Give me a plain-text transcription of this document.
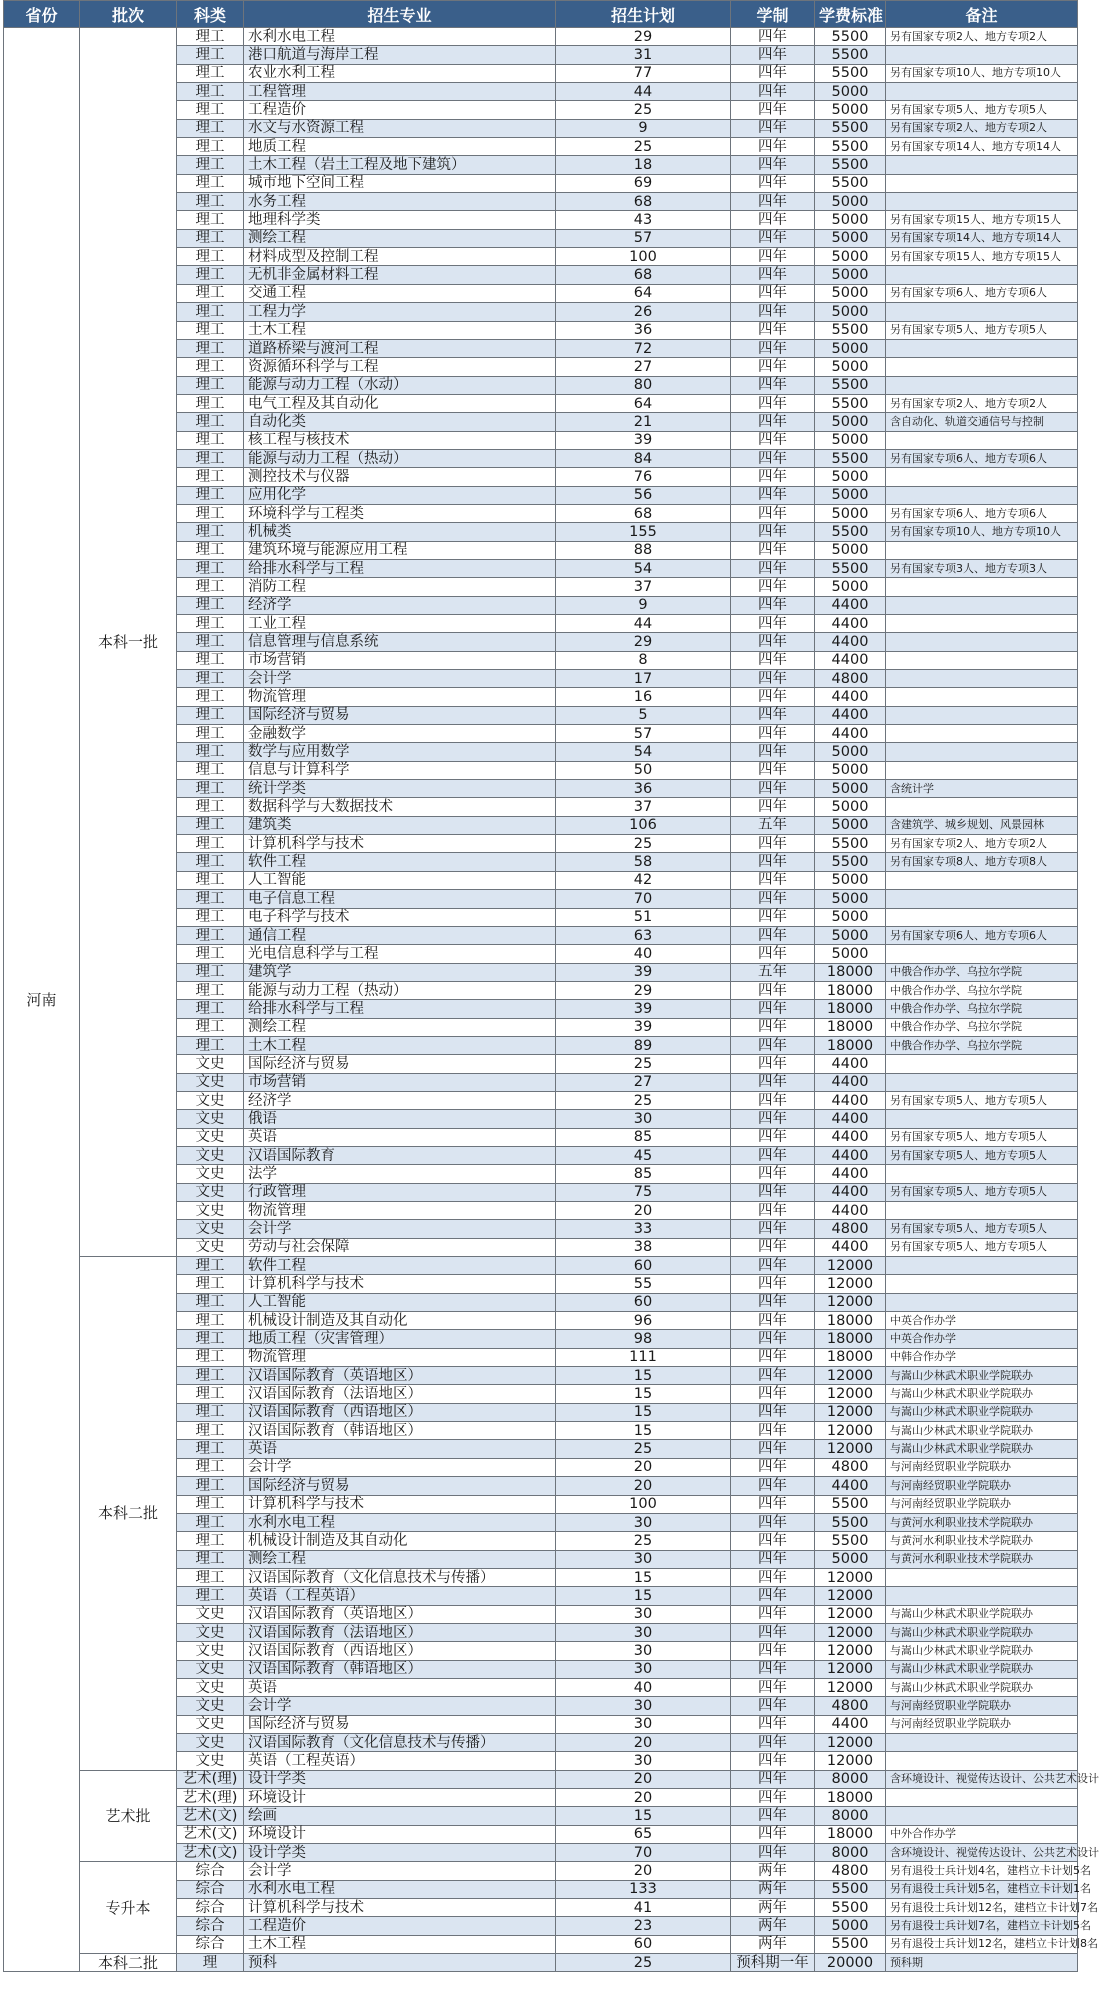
省份	批次	科类	招生专业	招生计划	学制	学费标准	备注
河南	本科一批	理工	水利水电工程	29	四年	5500	另有国家专项2人、地方专项2人
		理工	港口航道与海岸工程	31	四年	5500	
		理工	农业水利工程	77	四年	5500	另有国家专项10人、地方专项10人
		理工	工程管理	44	四年	5000	
		理工	工程造价	25	四年	5000	另有国家专项5人、地方专项5人
		理工	水文与水资源工程	9	四年	5500	另有国家专项2人、地方专项2人
		理工	地质工程	25	四年	5500	另有国家专项14人、地方专项14人
		理工	土木工程（岩土工程及地下建筑）	18	四年	5500	
		理工	城市地下空间工程	69	四年	5500	
		理工	水务工程	68	四年	5000	
		理工	地理科学类	43	四年	5000	另有国家专项15人、地方专项15人
		理工	测绘工程	57	四年	5000	另有国家专项14人、地方专项14人
		理工	材料成型及控制工程	100	四年	5000	另有国家专项15人、地方专项15人
		理工	无机非金属材料工程	68	四年	5000	
		理工	交通工程	64	四年	5000	另有国家专项6人、地方专项6人
		理工	工程力学	26	四年	5000	
		理工	土木工程	36	四年	5500	另有国家专项5人、地方专项5人
		理工	道路桥梁与渡河工程	72	四年	5000	
		理工	资源循环科学与工程	27	四年	5000	
		理工	能源与动力工程（水动）	80	四年	5500	
		理工	电气工程及其自动化	64	四年	5500	另有国家专项2人、地方专项2人
		理工	自动化类	21	四年	5000	含自动化、轨道交通信号与控制
		理工	核工程与核技术	39	四年	5000	
		理工	能源与动力工程（热动）	84	四年	5500	另有国家专项6人、地方专项6人
		理工	测控技术与仪器	76	四年	5000	
		理工	应用化学	56	四年	5000	
		理工	环境科学与工程类	68	四年	5000	另有国家专项6人、地方专项6人
		理工	机械类	155	四年	5500	另有国家专项10人、地方专项10人
		理工	建筑环境与能源应用工程	88	四年	5000	
		理工	给排水科学与工程	54	四年	5500	另有国家专项3人、地方专项3人
		理工	消防工程	37	四年	5000	
		理工	经济学	9	四年	4400	
		理工	工业工程	44	四年	4400	
		理工	信息管理与信息系统	29	四年	4400	
		理工	市场营销	8	四年	4400	
		理工	会计学	17	四年	4800	
		理工	物流管理	16	四年	4400	
		理工	国际经济与贸易	5	四年	4400	
		理工	金融数学	57	四年	4400	
		理工	数学与应用数学	54	四年	5000	
		理工	信息与计算科学	50	四年	5000	
		理工	统计学类	36	四年	5000	含统计学
		理工	数据科学与大数据技术	37	四年	5000	
		理工	建筑类	106	五年	5000	含建筑学、城乡规划、风景园林
		理工	计算机科学与技术	25	四年	5500	另有国家专项2人、地方专项2人
		理工	软件工程	58	四年	5500	另有国家专项8人、地方专项8人
		理工	人工智能	42	四年	5000	
		理工	电子信息工程	70	四年	5000	
		理工	电子科学与技术	51	四年	5000	
		理工	通信工程	63	四年	5000	另有国家专项6人、地方专项6人
		理工	光电信息科学与工程	40	四年	5000	
		理工	建筑学	39	五年	18000	中俄合作办学、乌拉尔学院
		理工	能源与动力工程（热动）	29	四年	18000	中俄合作办学、乌拉尔学院
		理工	给排水科学与工程	39	四年	18000	中俄合作办学、乌拉尔学院
		理工	测绘工程	39	四年	18000	中俄合作办学、乌拉尔学院
		理工	土木工程	89	四年	18000	中俄合作办学、乌拉尔学院
		文史	国际经济与贸易	25	四年	4400	
		文史	市场营销	27	四年	4400	
		文史	经济学	25	四年	4400	另有国家专项5人、地方专项5人
		文史	俄语	30	四年	4400	
		文史	英语	85	四年	4400	另有国家专项5人、地方专项5人
		文史	汉语国际教育	45	四年	4400	另有国家专项5人、地方专项5人
		文史	法学	85	四年	4400	
		文史	行政管理	75	四年	4400	另有国家专项5人、地方专项5人
		文史	物流管理	20	四年	4400	
		文史	会计学	33	四年	4800	另有国家专项5人、地方专项5人
		文史	劳动与社会保障	38	四年	4400	另有国家专项5人、地方专项5人
	本科二批	理工	软件工程	60	四年	12000	
		理工	计算机科学与技术	55	四年	12000	
		理工	人工智能	60	四年	12000	
		理工	机械设计制造及其自动化	96	四年	18000	中英合作办学
		理工	地质工程（灾害管理）	98	四年	18000	中英合作办学
		理工	物流管理	111	四年	18000	中韩合作办学
		理工	汉语国际教育（英语地区）	15	四年	12000	与嵩山少林武术职业学院联办
		理工	汉语国际教育（法语地区）	15	四年	12000	与嵩山少林武术职业学院联办
		理工	汉语国际教育（西语地区）	15	四年	12000	与嵩山少林武术职业学院联办
		理工	汉语国际教育（韩语地区）	15	四年	12000	与嵩山少林武术职业学院联办
		理工	英语	25	四年	12000	与嵩山少林武术职业学院联办
		理工	会计学	20	四年	4800	与河南经贸职业学院联办
		理工	国际经济与贸易	20	四年	4400	与河南经贸职业学院联办
		理工	计算机科学与技术	100	四年	5500	与河南经贸职业学院联办
		理工	水利水电工程	30	四年	5500	与黄河水利职业技术学院联办
		理工	机械设计制造及其自动化	25	四年	5500	与黄河水利职业技术学院联办
		理工	测绘工程	30	四年	5000	与黄河水利职业技术学院联办
		理工	汉语国际教育（文化信息技术与传播）	15	四年	12000	
		理工	英语（工程英语）	15	四年	12000	
		文史	汉语国际教育（英语地区）	30	四年	12000	与嵩山少林武术职业学院联办
		文史	汉语国际教育（法语地区）	30	四年	12000	与嵩山少林武术职业学院联办
		文史	汉语国际教育（西语地区）	30	四年	12000	与嵩山少林武术职业学院联办
		文史	汉语国际教育（韩语地区）	30	四年	12000	与嵩山少林武术职业学院联办
		文史	英语	40	四年	12000	与嵩山少林武术职业学院联办
		文史	会计学	30	四年	4800	与河南经贸职业学院联办
		文史	国际经济与贸易	30	四年	4400	与河南经贸职业学院联办
		文史	汉语国际教育（文化信息技术与传播）	20	四年	12000	
		文史	英语（工程英语）	30	四年	12000	
	艺术批	艺术(理)	设计学类	20	四年	8000	含环境设计、视觉传达设计、公共艺术设计
		艺术(理)	环境设计	20	四年	18000	
		艺术(文)	绘画	15	四年	8000	
		艺术(文)	环境设计	65	四年	18000	中外合作办学
		艺术(文)	设计学类	70	四年	8000	含环境设计、视觉传达设计、公共艺术设计
	专升本	综合	会计学	20	两年	4800	另有退役士兵计划4名，建档立卡计划5名
		综合	水利水电工程	133	两年	5500	另有退役士兵计划5名，建档立卡计划1名
		综合	计算机科学与技术	41	两年	5500	另有退役士兵计划12名，建档立卡计划7名
		综合	工程造价	23	两年	5000	另有退役士兵计划7名，建档立卡计划5名
		综合	土木工程	60	两年	5500	另有退役士兵计划12名，建档立卡计划8名
	本科二批	理	预科	25	预科期一年	20000	预科期
